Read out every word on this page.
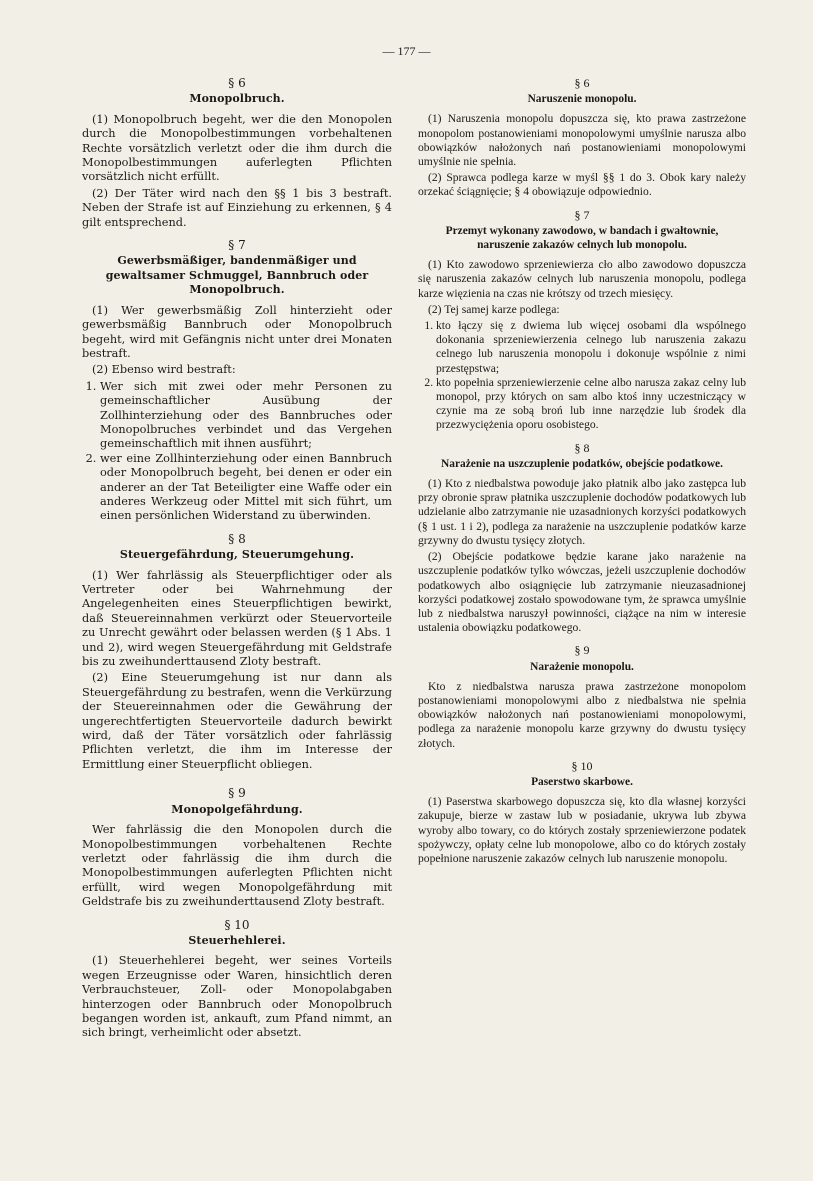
— 177 —
§ 6
Monopolbruch.

(1) Monopolbruch begeht, wer die den Monopolen durch die Monopolbestimmungen vorbehaltenen Rechte vorsätzlich verletzt oder die ihm durch die Monopolbestimmungen auferlegten Pflichten vorsätzlich nicht erfüllt.

(2) Der Täter wird nach den §§ 1 bis 3 bestraft. Neben der Strafe ist auf Einziehung zu erkennen, § 4 gilt entsprechend.

§ 7
Gewerbsmäßiger, bandenmäßiger und gewaltsamer Schmuggel, Bannbruch oder Monopolbruch.

(1) Wer gewerbsmäßig Zoll hinterzieht oder gewerbsmäßig Bannbruch oder Monopolbruch begeht, wird mit Gefängnis nicht unter drei Monaten bestraft.

(2) Ebenso wird bestraft:

1. Wer sich mit zwei oder mehr Personen zu gemeinschaftlicher Ausübung der Zollhinterziehung oder des Bannbruches oder Monopolbruches verbindet und das Vergehen gemeinschaftlich mit ihnen ausführt;
2. wer eine Zollhinterziehung oder einen Bannbruch oder Monopolbruch begeht, bei denen er oder ein anderer an der Tat Beteiligter eine Waffe oder ein anderes Werkzeug oder Mittel mit sich führt, um einen persönlichen Widerstand zu überwinden.
§ 8
Steuergefährdung, Steuerumgehung.

(1) Wer fahrlässig als Steuerpflichtiger oder als Vertreter oder bei Wahrnehmung der Angelegenheiten eines Steuerpflichtigen bewirkt, daß Steuereinnahmen verkürzt oder Steuervorteile zu Unrecht gewährt oder belassen werden (§ 1 Abs. 1 und 2), wird wegen Steuergefährdung mit Geldstrafe bis zu zweihunderttausend Zloty bestraft.

(2) Eine Steuerumgehung ist nur dann als Steuergefährdung zu bestrafen, wenn die Verkürzung der Steuereinnahmen oder die Gewährung der ungerechtfertigten Steuervorteile dadurch bewirkt wird, daß der Täter vorsätzlich oder fahrlässig Pflichten verletzt, die ihm im Interesse der Ermittlung einer Steuerpflicht obliegen.

§ 9
Monopolgefährdung.

Wer fahrlässig die den Monopolen durch die Monopolbestimmungen vorbehaltenen Rechte verletzt oder fahrlässig die ihm durch die Monopolbestimmungen auferlegten Pflichten nicht erfüllt, wird wegen Monopolgefährdung mit Geldstrafe bis zu zweihunderttausend Zloty bestraft.

§ 10
Steuerhehlerei.

(1) Steuerhehlerei begeht, wer seines Vorteils wegen Erzeugnisse oder Waren, hinsichtlich deren Verbrauchsteuer, Zoll- oder Monopolabgaben hinterzogen oder Bannbruch oder Monopolbruch begangen worden ist, ankauft, zum Pfand nimmt, an sich bringt, verheimlicht oder absetzt.

§ 6
Naruszenie monopolu.

(1) Naruszenia monopolu dopuszcza się, kto prawa zastrzeżone monopolom postanowieniami monopolowymi umyślnie narusza albo obowiązków nałożonych nań postanowieniami monopolowymi umyślnie nie spełnia.

(2) Sprawca podlega karze w myśl §§ 1 do 3. Obok kary należy orzekać ściągnięcie; § 4 obowiązuje odpowiednio.

§ 7
Przemyt wykonany zawodowo, w bandach i gwałtownie, naruszenie zakazów celnych lub monopolu.

(1) Kto zawodowo sprzeniewierza cło albo zawodowo dopuszcza się naruszenia zakazów celnych lub naruszenia monopolu, podlega karze więzienia na czas nie krótszy od trzech miesięcy.

(2) Tej samej karze podlega:

1. kto łączy się z dwiema lub więcej osobami dla wspólnego dokonania sprzeniewierzenia celnego lub naruszenia zakazu celnego lub naruszenia monopolu i dokonuje wspólnie z nimi przestępstwa;
2. kto popełnia sprzeniewierzenie celne albo narusza zakaz celny lub monopol, przy których on sam albo ktoś inny uczestniczący w czynie ma ze sobą broń lub inne narzędzie lub środek dla przezwyciężenia oporu osobistego.
§ 8
Narażenie na uszczuplenie podatków, obejście podatkowe.

(1) Kto z niedbalstwa powoduje jako płatnik albo jako zastępca lub przy obronie spraw płatnika uszczuplenie dochodów podatkowych lub udzielanie albo zatrzymanie nie uzasadnionych korzyści podatkowych (§ 1 ust. 1 i 2), podlega za narażenie na uszczuplenie podatków karze grzywny do dwustu tysięcy złotych.

(2) Obejście podatkowe będzie karane jako narażenie na uszczuplenie podatków tylko wówczas, jeżeli uszczuplenie dochodów podatkowych albo osiągnięcie lub zatrzymanie nieuzasadnionej korzyści podatkowej zostało spowodowane tym, że sprawca umyślnie lub z niedbalstwa naruszył powinności, ciążące na nim w interesie ustalenia obowiązku podatkowego.

§ 9
Narażenie monopolu.

Kto z niedbalstwa narusza prawa zastrzeżone monopolom postanowieniami monopolowymi albo z niedbalstwa nie spełnia obowiązków nałożonych nań postanowieniami monopolowymi, podlega za narażenie monopolu karze grzywny do dwustu tysięcy złotych.

§ 10
Paserstwo skarbowe.

(1) Paserstwa skarbowego dopuszcza się, kto dla własnej korzyści zakupuje, bierze w zastaw lub w posiadanie, ukrywa lub zbywa wyroby albo towary, co do których zostały sprzeniewierzone podatek spożywczy, opłaty celne lub monopolowe, albo co do których zostały popełnione naruszenie zakazów celnych lub naruszenie monopolu.
